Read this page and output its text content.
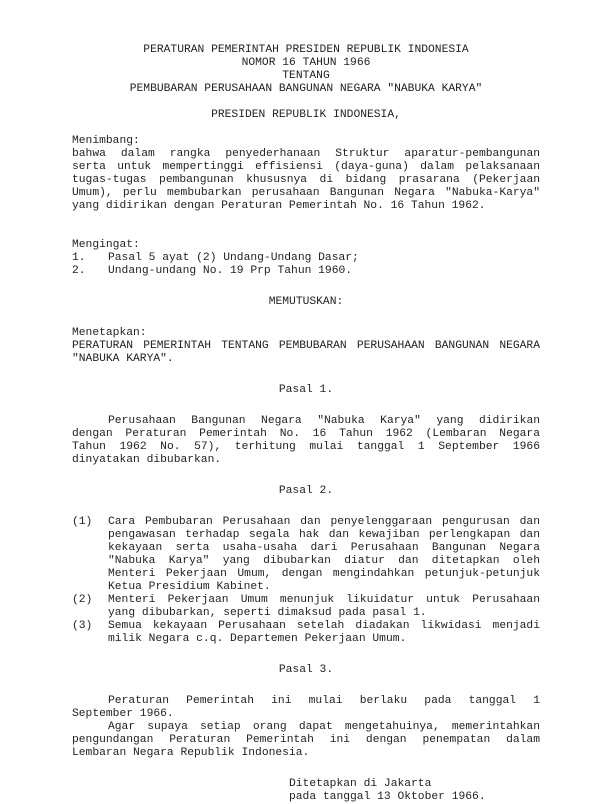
PERATURAN PEMERINTAH PRESIDEN REPUBLIK INDONESIA
NOMOR 16 TAHUN 1966
TENTANG
PEMBUBARAN PERUSAHAAN BANGUNAN NEGARA "NABUKA KARYA"
PRESIDEN REPUBLIK INDONESIA,
Menimbang:
bahwa dalam rangka penyederhanaan Struktur aparatur-pembangunan
serta untuk mempertinggi effisiensi (daya-guna) dalam pelaksanaan
tugas-tugas pembangunan khususnya di bidang prasarana (Pekerjaan
Umum), perlu membubarkan perusahaan Bangunan Negara "Nabuka-Karya"
yang didirikan dengan Peraturan Pemerintah No. 16 Tahun 1962.
Mengingat:
1. Pasal 5 ayat (2) Undang-Undang Dasar;
2. Undang-undang No. 19 Prp Tahun 1960.
MEMUTUSKAN:
Menetapkan:
PERATURAN PEMERINTAH TENTANG PEMBUBARAN PERUSAHAAN BANGUNAN NEGARA
"NABUKA KARYA".
Pasal 1.
Perusahaan Bangunan Negara "Nabuka Karya" yang didirikan
dengan Peraturan Pemerintah No. 16 Tahun 1962 (Lembaran Negara
Tahun 1962 No. 57), terhitung mulai tanggal 1 September 1966
dinyatakan dibubarkan.
Pasal 2.
(1) Cara Pembubaran Perusahaan dan penyelenggaraan pengurusan dan
pengawasan terhadap segala hak dan kewajiban perlengkapan dan
kekayaan serta usaha-usaha dari Perusahaan Bangunan Negara
"Nabuka Karya" yang dibubarkan diatur dan ditetapkan oleh
Menteri Pekerjaan Umum, dengan mengindahkan petunjuk-petunjuk
Ketua Presidium Kabinet.
(2) Menteri Pekerjaan Umum menunjuk likuidatur untuk Perusahaan
yang dibubarkan, seperti dimaksud pada pasal 1.
(3) Semua kekayaan Perusahaan setelah diadakan likwidasi menjadi
milik Negara c.q. Departemen Pekerjaan Umum.
Pasal 3.
Peraturan Pemerintah ini mulai berlaku pada tanggal 1
September 1966.
Agar supaya setiap orang dapat mengetahuinya, memerintahkan
pengundangan Peraturan Pemerintah ini dengan penempatan dalam
Lembaran Negara Republik Indonesia.
Ditetapkan di Jakarta
pada tanggal 13 Oktober 1966.
